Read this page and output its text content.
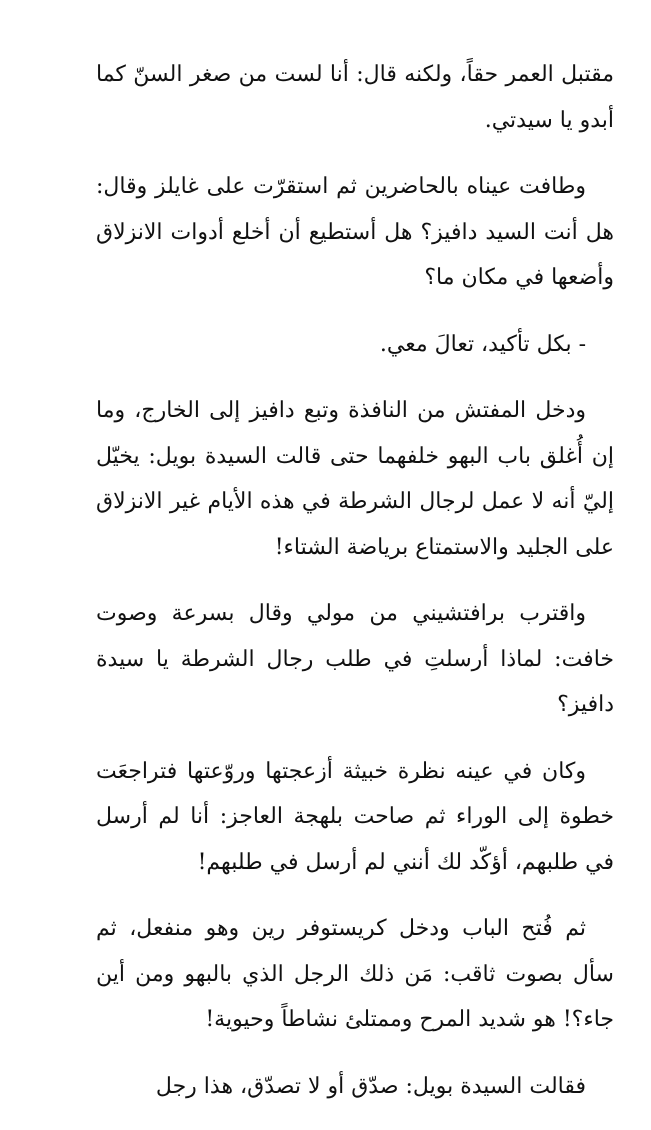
مقتبل العمر حقاً، ولكنه قال: أنا لست من صغر السنّ كما أبدو يا سيدتي.

وطافت عيناه بالحاضرين ثم استقرّت على غايلز وقال: هل أنت السيد دافيز؟ هل أستطيع أن أخلع أدوات الانزلاق وأضعها في مكان ما؟

- بكل تأكيد، تعالَ معي.

ودخل المفتش من النافذة وتبع دافيز إلى الخارج، وما إن أُغلق باب البهو خلفهما حتى قالت السيدة بويل: يخيّل إليّ أنه لا عمل لرجال الشرطة في هذه الأيام غير الانزلاق على الجليد والاستمتاع برياضة الشتاء!

واقترب برافتشيني من مولي وقال بسرعة وصوت خافت: لماذا أرسلتِ في طلب رجال الشرطة يا سيدة دافيز؟

وكان في عينه نظرة خبيثة أزعجتها وروّعتها فتراجعَت خطوة إلى الوراء ثم صاحت بلهجة العاجز: أنا لم أرسل في طلبهم، أؤكّد لك أنني لم أرسل في طلبهم!

ثم فُتح الباب ودخل كريستوفر رين وهو منفعل، ثم سأل بصوت ثاقب: مَن ذلك الرجل الذي بالبهو ومن أين جاء؟! هو شديد المرح وممتلئ نشاطاً وحيوية!

فقالت السيدة بويل: صدّق أو لا تصدّق، هذا رجل
